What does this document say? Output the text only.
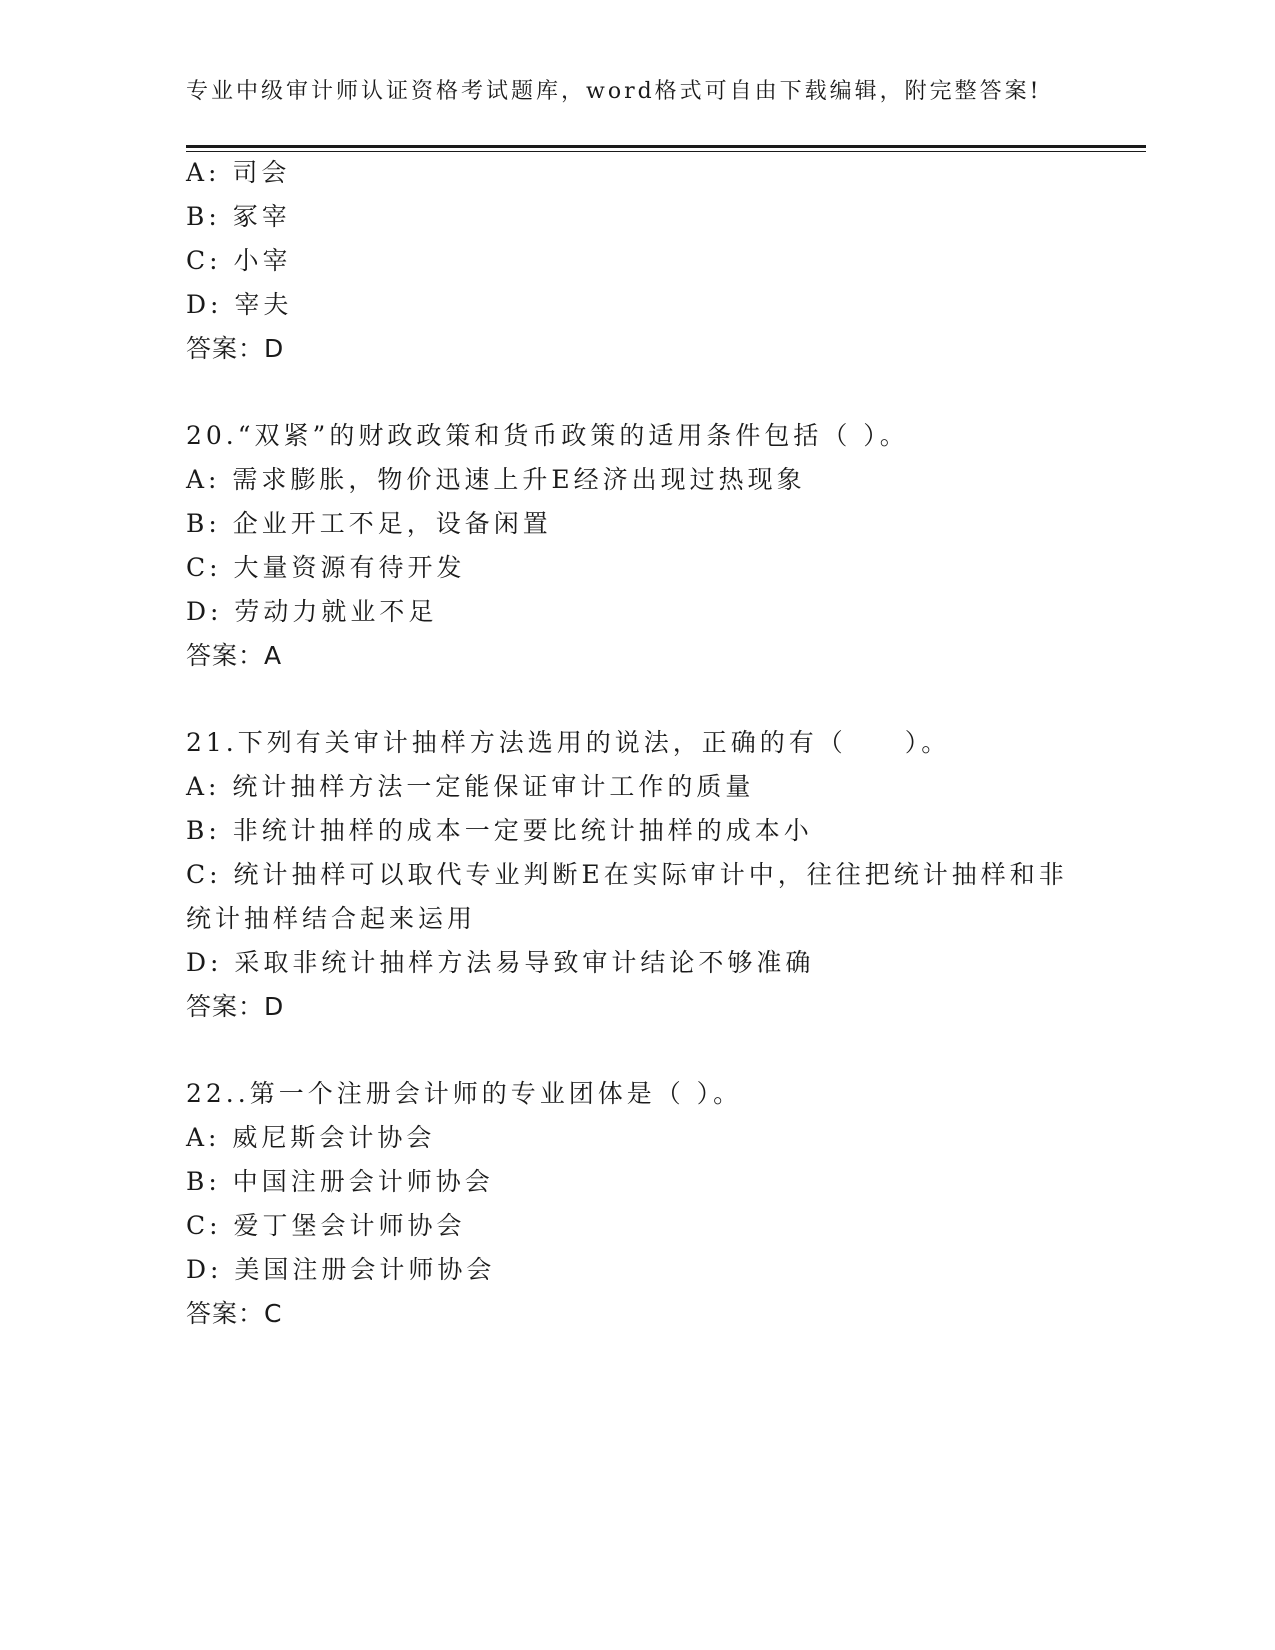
专业中级审计师认证资格考试题库，word格式可自由下载编辑，附完整答案!
A: 司会
B: 冢宰
C: 小宰
D: 宰夫
答案：D
20.“双紧”的财政政策和货币政策的适用条件包括（ ）。
A: 需求膨胀，物价迅速上升E经济出现过热现象
B: 企业开工不足，设备闲置
C: 大量资源有待开发
D: 劳动力就业不足
答案：A
21.下列有关审计抽样方法选用的说法，正确的有（　　）。
A: 统计抽样方法一定能保证审计工作的质量
B: 非统计抽样的成本一定要比统计抽样的成本小
C: 统计抽样可以取代专业判断E在实际审计中，往往把统计抽样和非
统计抽样结合起来运用
D: 采取非统计抽样方法易导致审计结论不够准确
答案：D
22..第一个注册会计师的专业团体是（ ）。
A: 威尼斯会计协会
B: 中国注册会计师协会
C: 爱丁堡会计师协会
D: 美国注册会计师协会
答案：C
